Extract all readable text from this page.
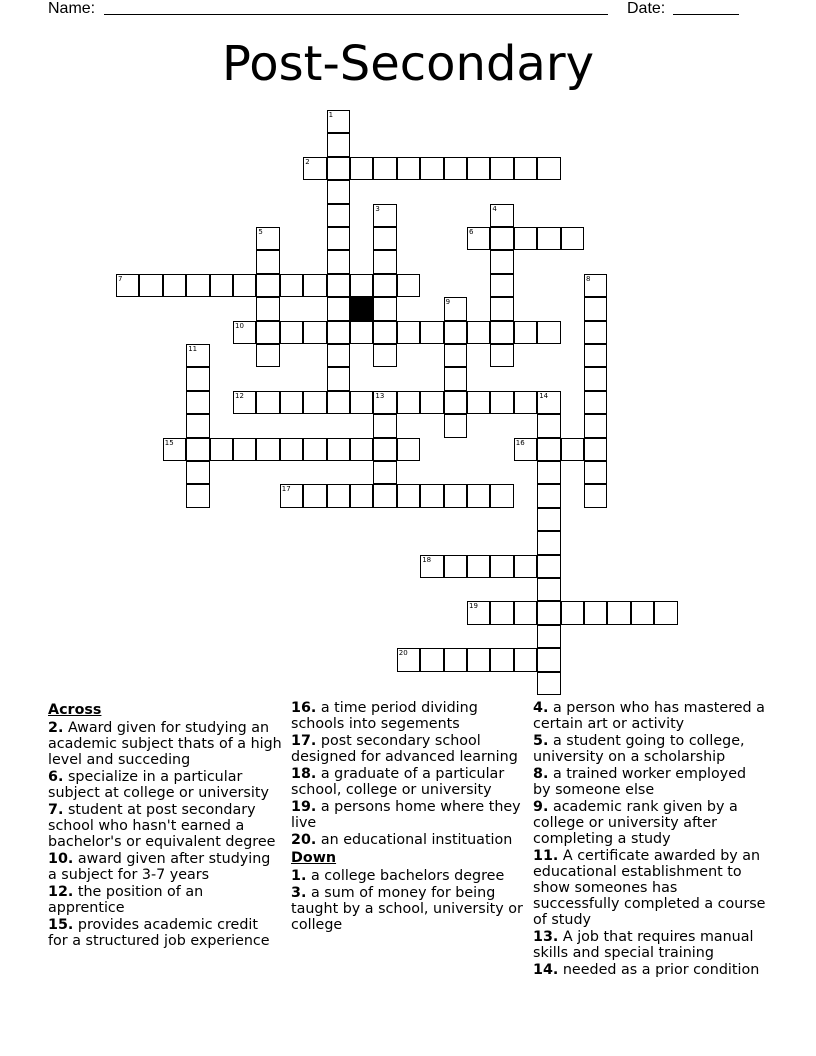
Name:	Date:
Post-Secondary
1
2
3	4
5	6
7	8
9
10
11
12	13	14
15	16
17
18
19
20
Across

2. Award given for studying an academic subject thats of a high level and succeding

6. specialize in a particular subject at college or university

7. student at post secondary school who hasn't earned a bachelor's or equivalent degree

10. award given after studying a subject for 3-7 years

12. the position of an apprentice

15. provides academic credit for a structured job experience

16. a time period dividing schools into segements

17. post secondary school designed for advanced learning

18. a graduate of a particular school, college or university

19. a persons home where they live

20. an educational instituation

Down

1. a college bachelors degree

3. a sum of money for being taught by a school, university or college

4. a person who has mastered a certain art or activity

5. a student going to college, university on a scholarship

8. a trained worker employed by someone else

9. academic rank given by a college or university after completing a study

11. A certificate awarded by an educational establishment to show someones has successfully completed a course of study

13. A job that requires manual skills and special training

14. needed as a prior condition
